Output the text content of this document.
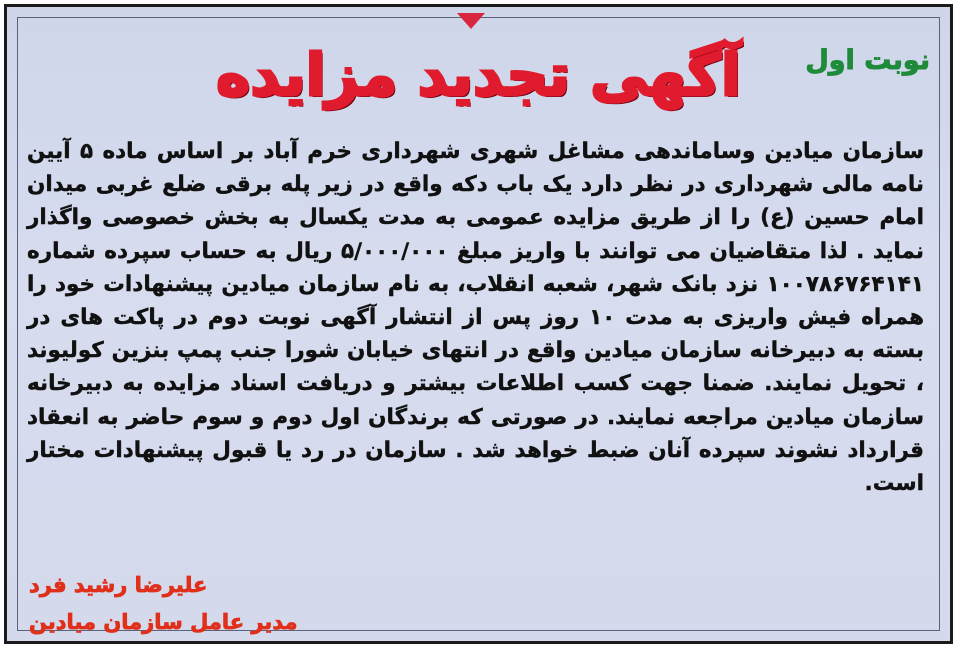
نوبت اول
آگهی تجدید مزایده
سازمان میادین وساماندهی مشاغل شهری شهرداری خرم آباد بر اساس ماده ۵ آیین نامه مالی شهرداری در نظر دارد یک باب دکه واقع در زیر پله برقی ضلع غربی میدان امام حسین (ع) را از طریق مزایده عمومی به مدت یکسال به بخش خصوصی واگذار نماید . لذا متقاضیان می توانند با واریز مبلغ ۵/۰۰۰/۰۰۰ ریال به حساب سپرده شماره ۱۰۰۷۸۶۷۶۴۱۴۱ نزد بانک شهر، شعبه انقلاب، به نام سازمان میادین پیشنهادات خود را همراه فیش واریزی به مدت ۱۰ روز پس از انتشار آگهی نوبت دوم در پاکت های در بسته به دبیرخانه سازمان میادین واقع در انتهای خیابان شورا جنب پمپ بنزین کولیوند ، تحویل نمایند. ضمنا جهت کسب اطلاعات بیشتر و دریافت اسناد مزایده به دبیرخانه سازمان میادین مراجعه نمایند. در صورتی که برندگان اول دوم و سوم حاضر به انعقاد قرارداد نشوند سپرده آنان ضبط خواهد شد . سازمان در رد یا قبول پیشنهادات مختار است.
علیرضا رشید فرد
مدیر عامل سازمان میادین
